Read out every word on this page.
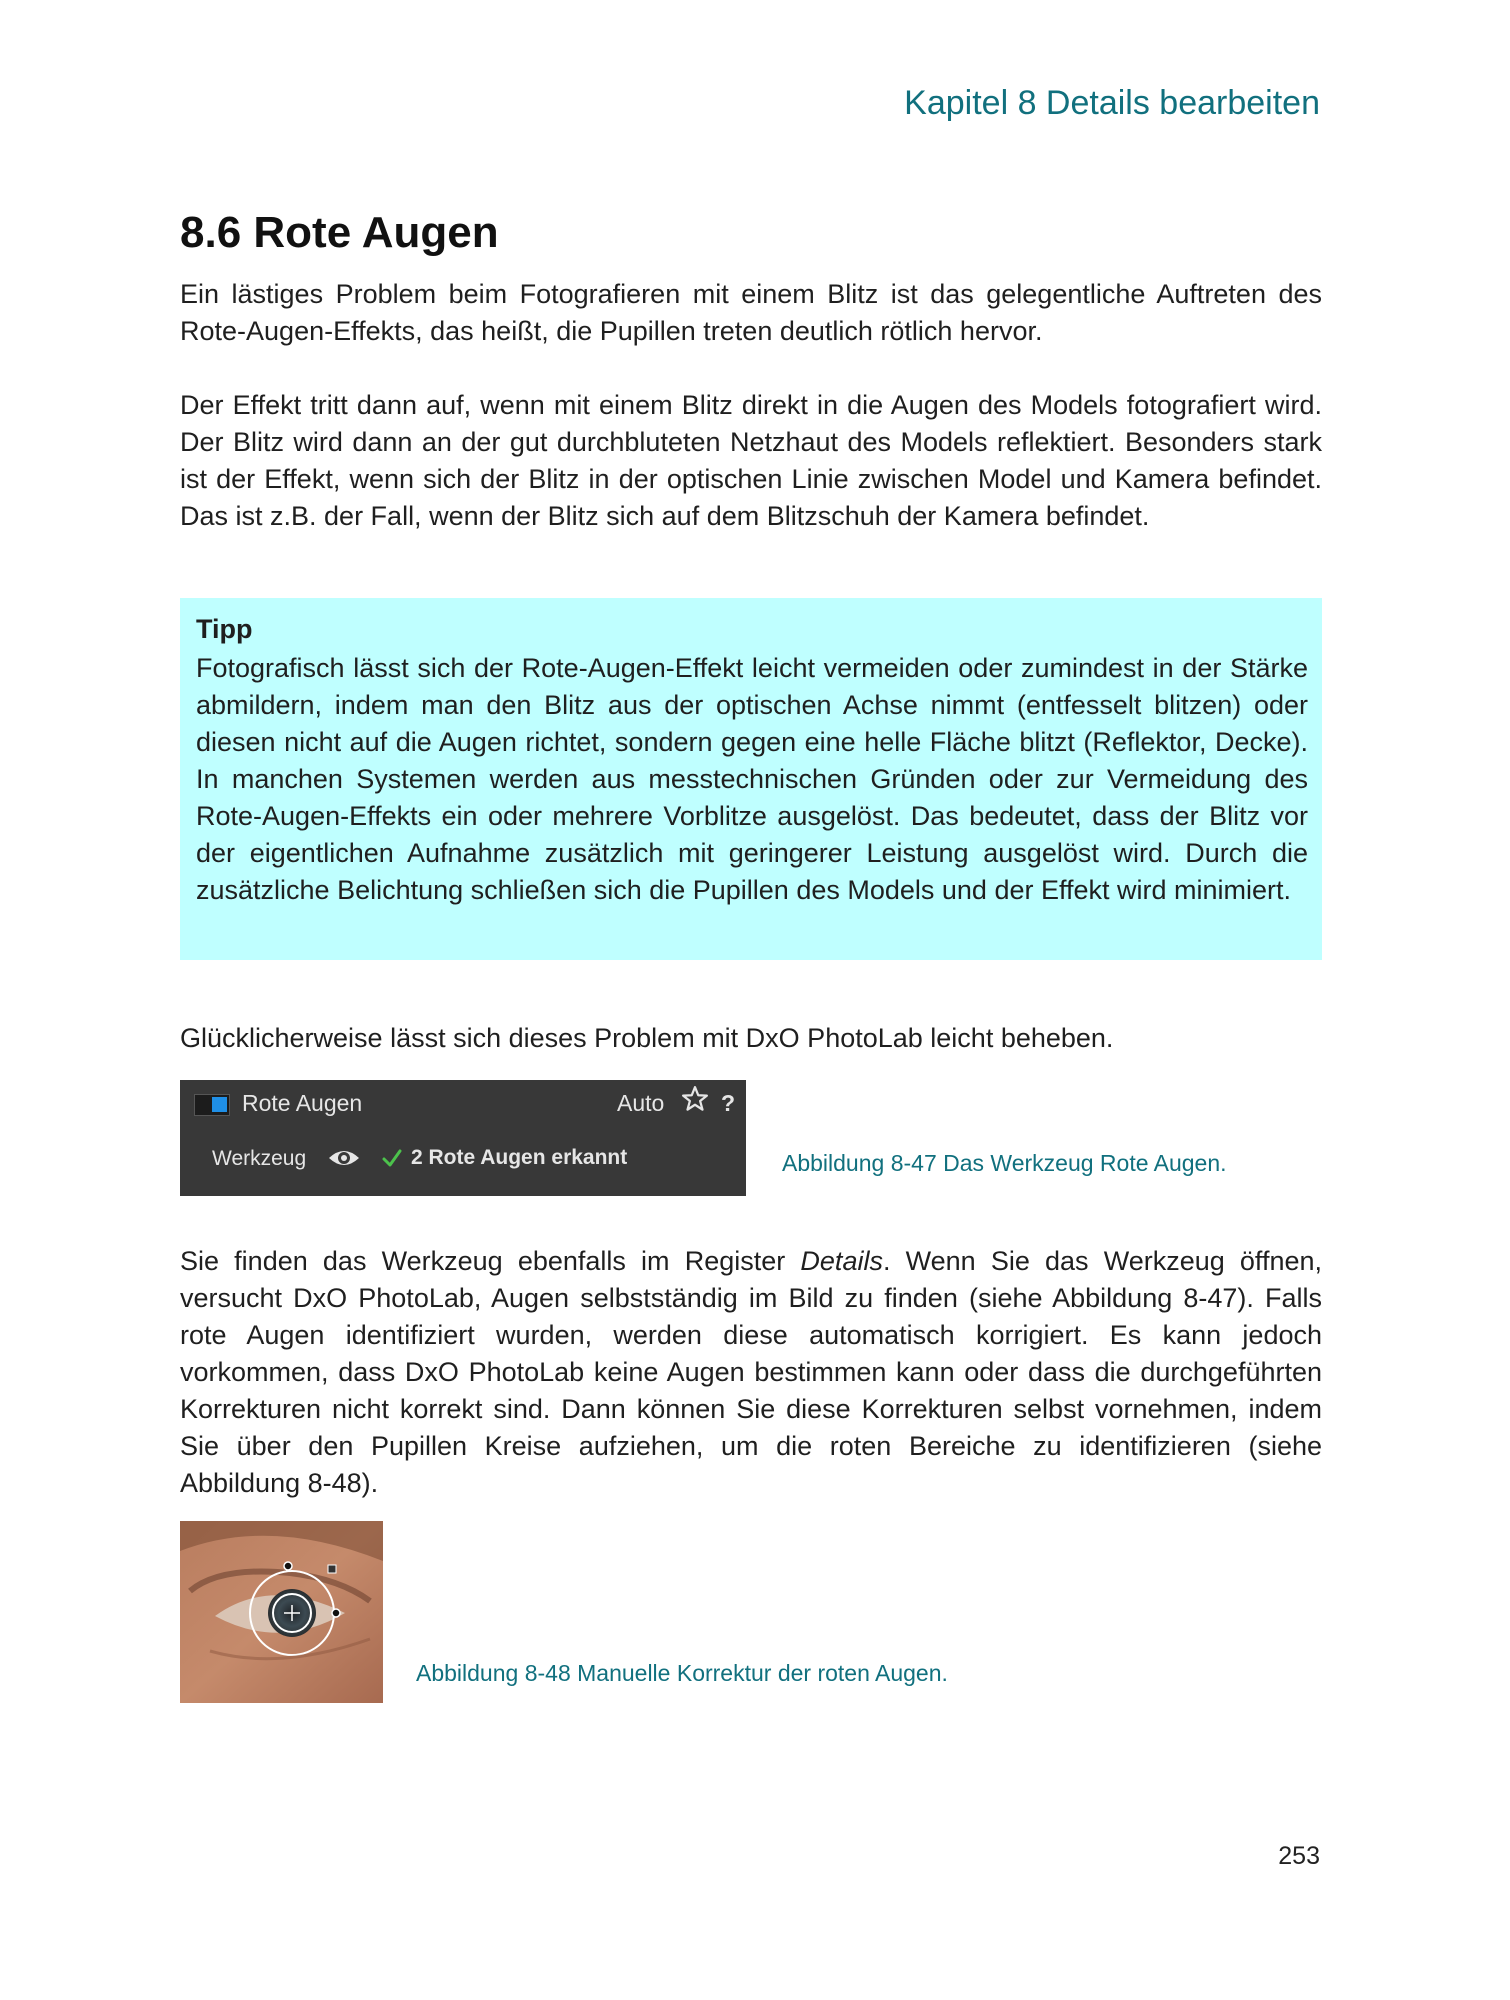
Kapitel 8 Details bearbeiten
8.6 Rote Augen
Ein lästiges Problem beim Fotografieren mit einem Blitz ist das gelegentliche Auftreten des Rote-Augen-Effekts, das heißt, die Pupillen treten deutlich rötlich hervor.
Der Effekt tritt dann auf, wenn mit einem Blitz direkt in die Augen des Models fotografiert wird. Der Blitz wird dann an der gut durchbluteten Netzhaut des Models reflektiert. Besonders stark ist der Effekt, wenn sich der Blitz in der optischen Linie zwischen Model und Kamera befindet. Das ist z.B. der Fall, wenn der Blitz sich auf dem Blitzschuh der Kamera befindet.
Tipp
Fotografisch lässt sich der Rote-Augen-Effekt leicht vermeiden oder zumindest in der Stärke abmildern, indem man den Blitz aus der optischen Achse nimmt (entfesselt blitzen) oder diesen nicht auf die Augen richtet, sondern gegen eine helle Fläche blitzt (Reflektor, Decke). In manchen Systemen werden aus messtechnischen Gründen oder zur Vermeidung des Rote-Augen-Effekts ein oder mehrere Vorblitze ausgelöst. Das bedeutet, dass der Blitz vor der eigentlichen Aufnahme zusätzlich mit geringerer Leistung ausgelöst wird. Durch die zusätzliche Belichtung schließen sich die Pupillen des Models und der Effekt wird minimiert.
Glücklicherweise lässt sich dieses Problem mit DxO PhotoLab leicht beheben.
Rote Augen	Auto ?
Werkzeug	2 Rote Augen erkannt	Abbildung 8-47 Das Werkzeug Rote Augen.
Sie finden das Werkzeug ebenfalls im Register Details. Wenn Sie das Werkzeug öffnen, versucht DxO PhotoLab, Augen selbstständig im Bild zu finden (siehe Abbildung 8-47). Falls rote Augen identifiziert wurden, werden diese automatisch korrigiert. Es kann jedoch vorkommen, dass DxO PhotoLab keine Augen bestimmen kann oder dass die durchgeführten Korrekturen nicht korrekt sind. Dann können Sie diese Korrekturen selbst vornehmen, indem Sie über den Pupillen Kreise aufziehen, um die roten Bereiche zu identifizieren (siehe Abbildung 8-48).
Abbildung 8-48 Manuelle Korrektur der roten Augen.
253
